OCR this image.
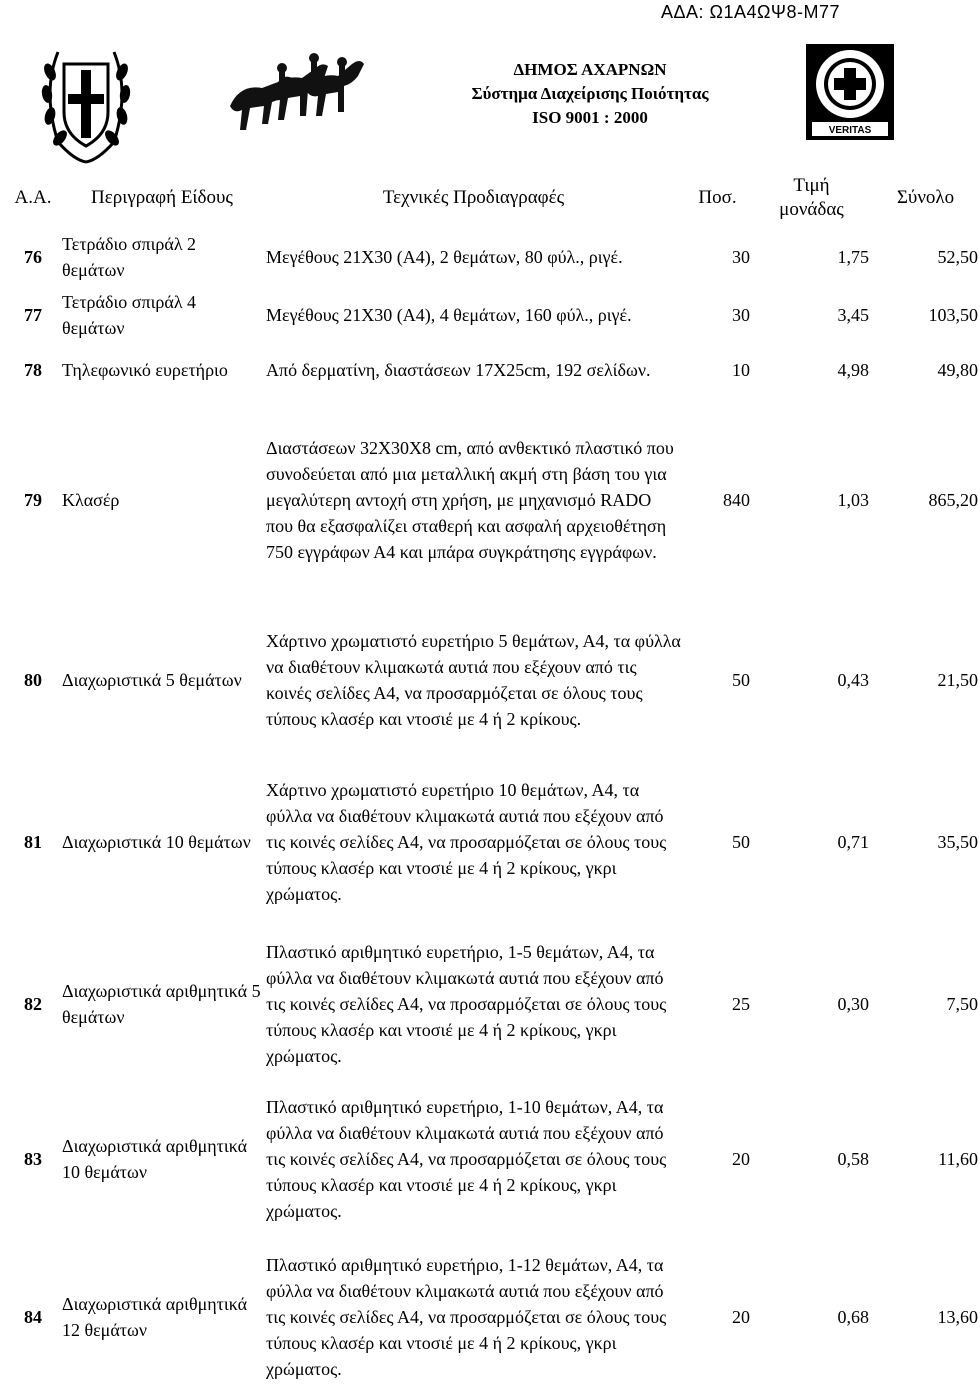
ΑΔΑ: Ω1Α4ΩΨ8-Μ77
ΔΗΜΟΣ ΑΧΑΡΝΩΝ
Σύστημα Διαχείρισης Ποιότητας
ISO 9001 : 2000
VERITAS
Α.Α.	Περιγραφή Είδους	Τεχνικές Προδιαγραφές	Ποσ.	Τιμή
μονάδας	Σύνολο
76	Τετράδιο σπιράλ 2 θεμάτων	Μεγέθους 21Χ30 (Α4), 2 θεμάτων, 80 φύλ., ριγέ.	30	1,75	52,50
77	Τετράδιο σπιράλ 4 θεμάτων	Μεγέθους 21Χ30 (Α4), 4 θεμάτων, 160 φύλ., ριγέ.	30	3,45	103,50
78	Τηλεφωνικό ευρετήριο	Από δερματίνη, διαστάσεων 17Χ25cm, 192 σελίδων.	10	4,98	49,80
79	Κλασέρ	Διαστάσεων 32Χ30Χ8 cm, από ανθεκτικό πλαστικό που συνοδεύεται από μια μεταλλική ακμή στη βάση του για μεγαλύτερη αντοχή στη χρήση, με μηχανισμό RADO που θα εξασφαλίζει σταθερή και ασφαλή αρχειοθέτηση 750 εγγράφων Α4 και μπάρα συγκράτησης εγγράφων.	840	1,03	865,20
80	Διαχωριστικά 5 θεμάτων	Χάρτινο χρωματιστό ευρετήριο 5 θεμάτων, Α4, τα φύλλα να διαθέτουν κλιμακωτά αυτιά που εξέχουν από τις κοινές σελίδες Α4, να προσαρμόζεται σε όλους τους τύπους κλασέρ και ντοσιέ με 4 ή 2 κρίκους.	50	0,43	21,50
81	Διαχωριστικά 10 θεμάτων	Χάρτινο χρωματιστό ευρετήριο 10 θεμάτων, Α4, τα φύλλα να διαθέτουν κλιμακωτά αυτιά που εξέχουν από τις κοινές σελίδες Α4, να προσαρμόζεται σε όλους τους τύπους κλασέρ και ντοσιέ με 4 ή 2 κρίκους, γκρι χρώματος.	50	0,71	35,50
82	Διαχωριστικά αριθμητικά 5 θεμάτων	Πλαστικό αριθμητικό ευρετήριο, 1-5 θεμάτων, Α4, τα φύλλα να διαθέτουν κλιμακωτά αυτιά που εξέχουν από τις κοινές σελίδες Α4, να προσαρμόζεται σε όλους τους τύπους κλασέρ και ντοσιέ με 4 ή 2 κρίκους, γκρι χρώματος.	25	0,30	7,50
83	Διαχωριστικά αριθμητικά 10 θεμάτων	Πλαστικό αριθμητικό ευρετήριο, 1-10 θεμάτων, Α4, τα φύλλα να διαθέτουν κλιμακωτά αυτιά που εξέχουν από τις κοινές σελίδες Α4, να προσαρμόζεται σε όλους τους τύπους κλασέρ και ντοσιέ με 4 ή 2 κρίκους, γκρι χρώματος.	20	0,58	11,60
84	Διαχωριστικά αριθμητικά 12 θεμάτων	Πλαστικό αριθμητικό ευρετήριο, 1-12 θεμάτων, Α4, τα φύλλα να διαθέτουν κλιμακωτά αυτιά που εξέχουν από τις κοινές σελίδες Α4, να προσαρμόζεται σε όλους τους τύπους κλασέρ και ντοσιέ με 4 ή 2 κρίκους, γκρι χρώματος.	20	0,68	13,60
